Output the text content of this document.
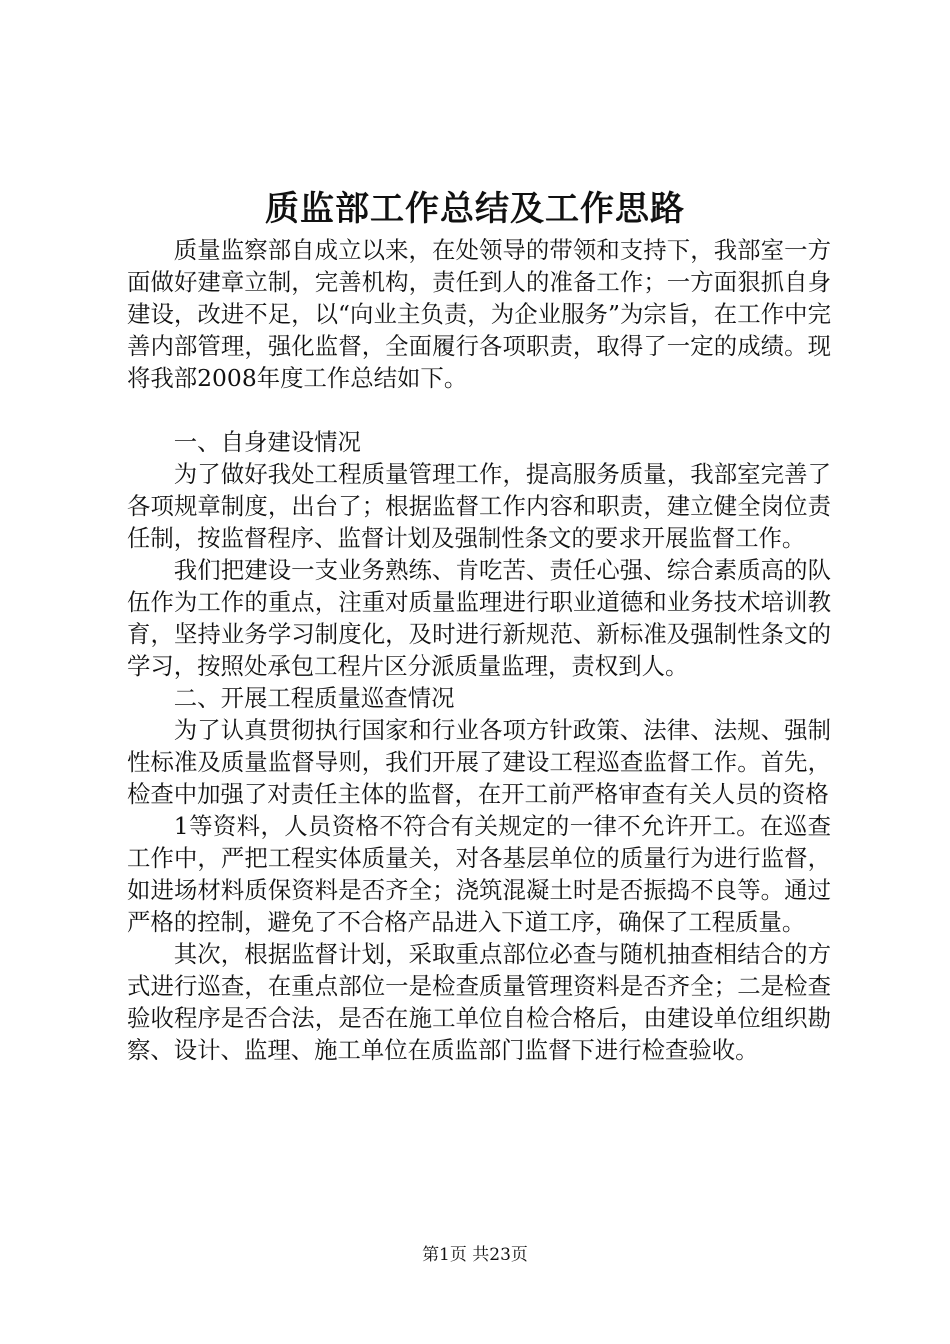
质监部工作总结及工作思路

质量监察部自成立以来，在处领导的带领和支持下，我部室一方面做好建章立制，完善机构，责任到人的准备工作；一方面狠抓自身建设，改进不足，以“向业主负责，为企业服务”为宗旨，在工作中完善内部管理，强化监督，全面履行各项职责，取得了一定的成绩。现将我部2008年度工作总结如下。

一、自身建设情况

为了做好我处工程质量管理工作，提高服务质量，我部室完善了各项规章制度，出台了；根据监督工作内容和职责，建立健全岗位责任制，按监督程序、监督计划及强制性条文的要求开展监督工作。

我们把建设一支业务熟练、肯吃苦、责任心强、综合素质高的队伍作为工作的重点，注重对质量监理进行职业道德和业务技术培训教育，坚持业务学习制度化，及时进行新规范、新标准及强制性条文的学习，按照处承包工程片区分派质量监理，责权到人。

二、开展工程质量巡查情况

为了认真贯彻执行国家和行业各项方针政策、法律、法规、强制性标准及质量监督导则，我们开展了建设工程巡查监督工作。首先，检查中加强了对责任主体的监督，在开工前严格审查有关人员的资格

1等资料，人员资格不符合有关规定的一律不允许开工。在巡查工作中，严把工程实体质量关，对各基层单位的质量行为进行监督，如进场材料质保资料是否齐全；浇筑混凝土时是否振捣不良等。通过严格的控制，避免了不合格产品进入下道工序，确保了工程质量。

其次，根据监督计划，采取重点部位必查与随机抽查相结合的方式进行巡查，在重点部位一是检查质量管理资料是否齐全；二是检查验收程序是否合法，是否在施工单位自检合格后，由建设单位组织勘察、设计、监理、施工单位在质监部门监督下进行检查验收。

第1页 共23页
